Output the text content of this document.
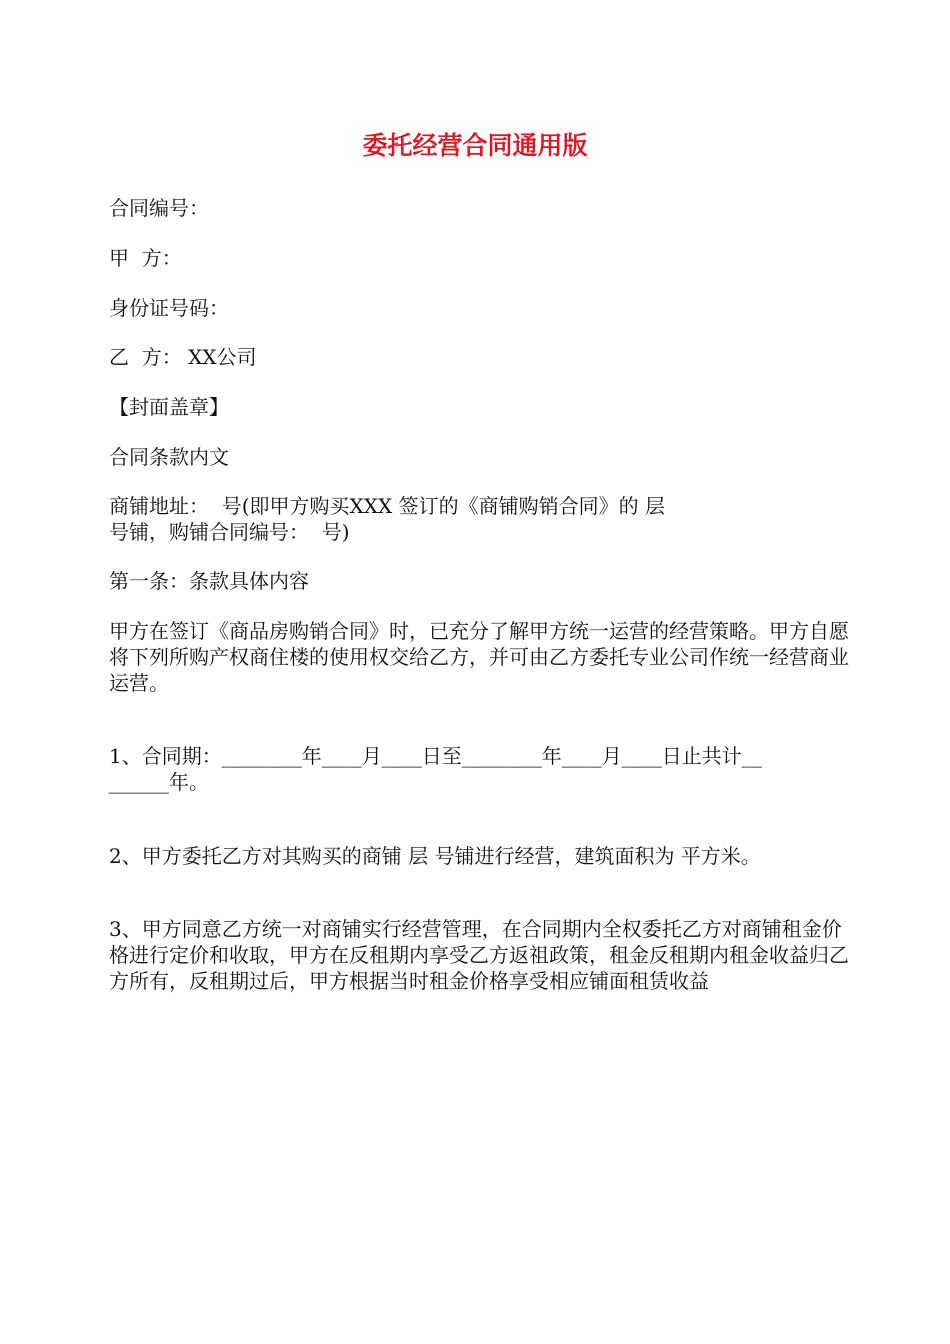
委托经营合同通用版

合同编号：

甲  方：

身份证号码：

乙  方： XX公司

【封面盖章】

合同条款内文

商铺地址：  号(即甲方购买XXX 签订的《商铺购销合同》的 层
号铺，购铺合同编号：  号)

第一条：条款具体内容

甲方在签订《商品房购销合同》时，已充分了解甲方统一运营的经营策略。甲方自愿将下列所购产权商住楼的使用权交给乙方，并可由乙方委托专业公司作统一经营商业运营。

1、合同期：________年____月____日至________年____月____日止共计__
______年。

2、甲方委托乙方对其购买的商铺 层 号铺进行经营，建筑面积为 平方米。

3、甲方同意乙方统一对商铺实行经营管理，在合同期内全权委托乙方对商铺租金价格进行定价和收取，甲方在反租期内享受乙方返祖政策，租金反租期内租金收益归乙方所有，反租期过后，甲方根据当时租金价格享受相应铺面租赁收益
